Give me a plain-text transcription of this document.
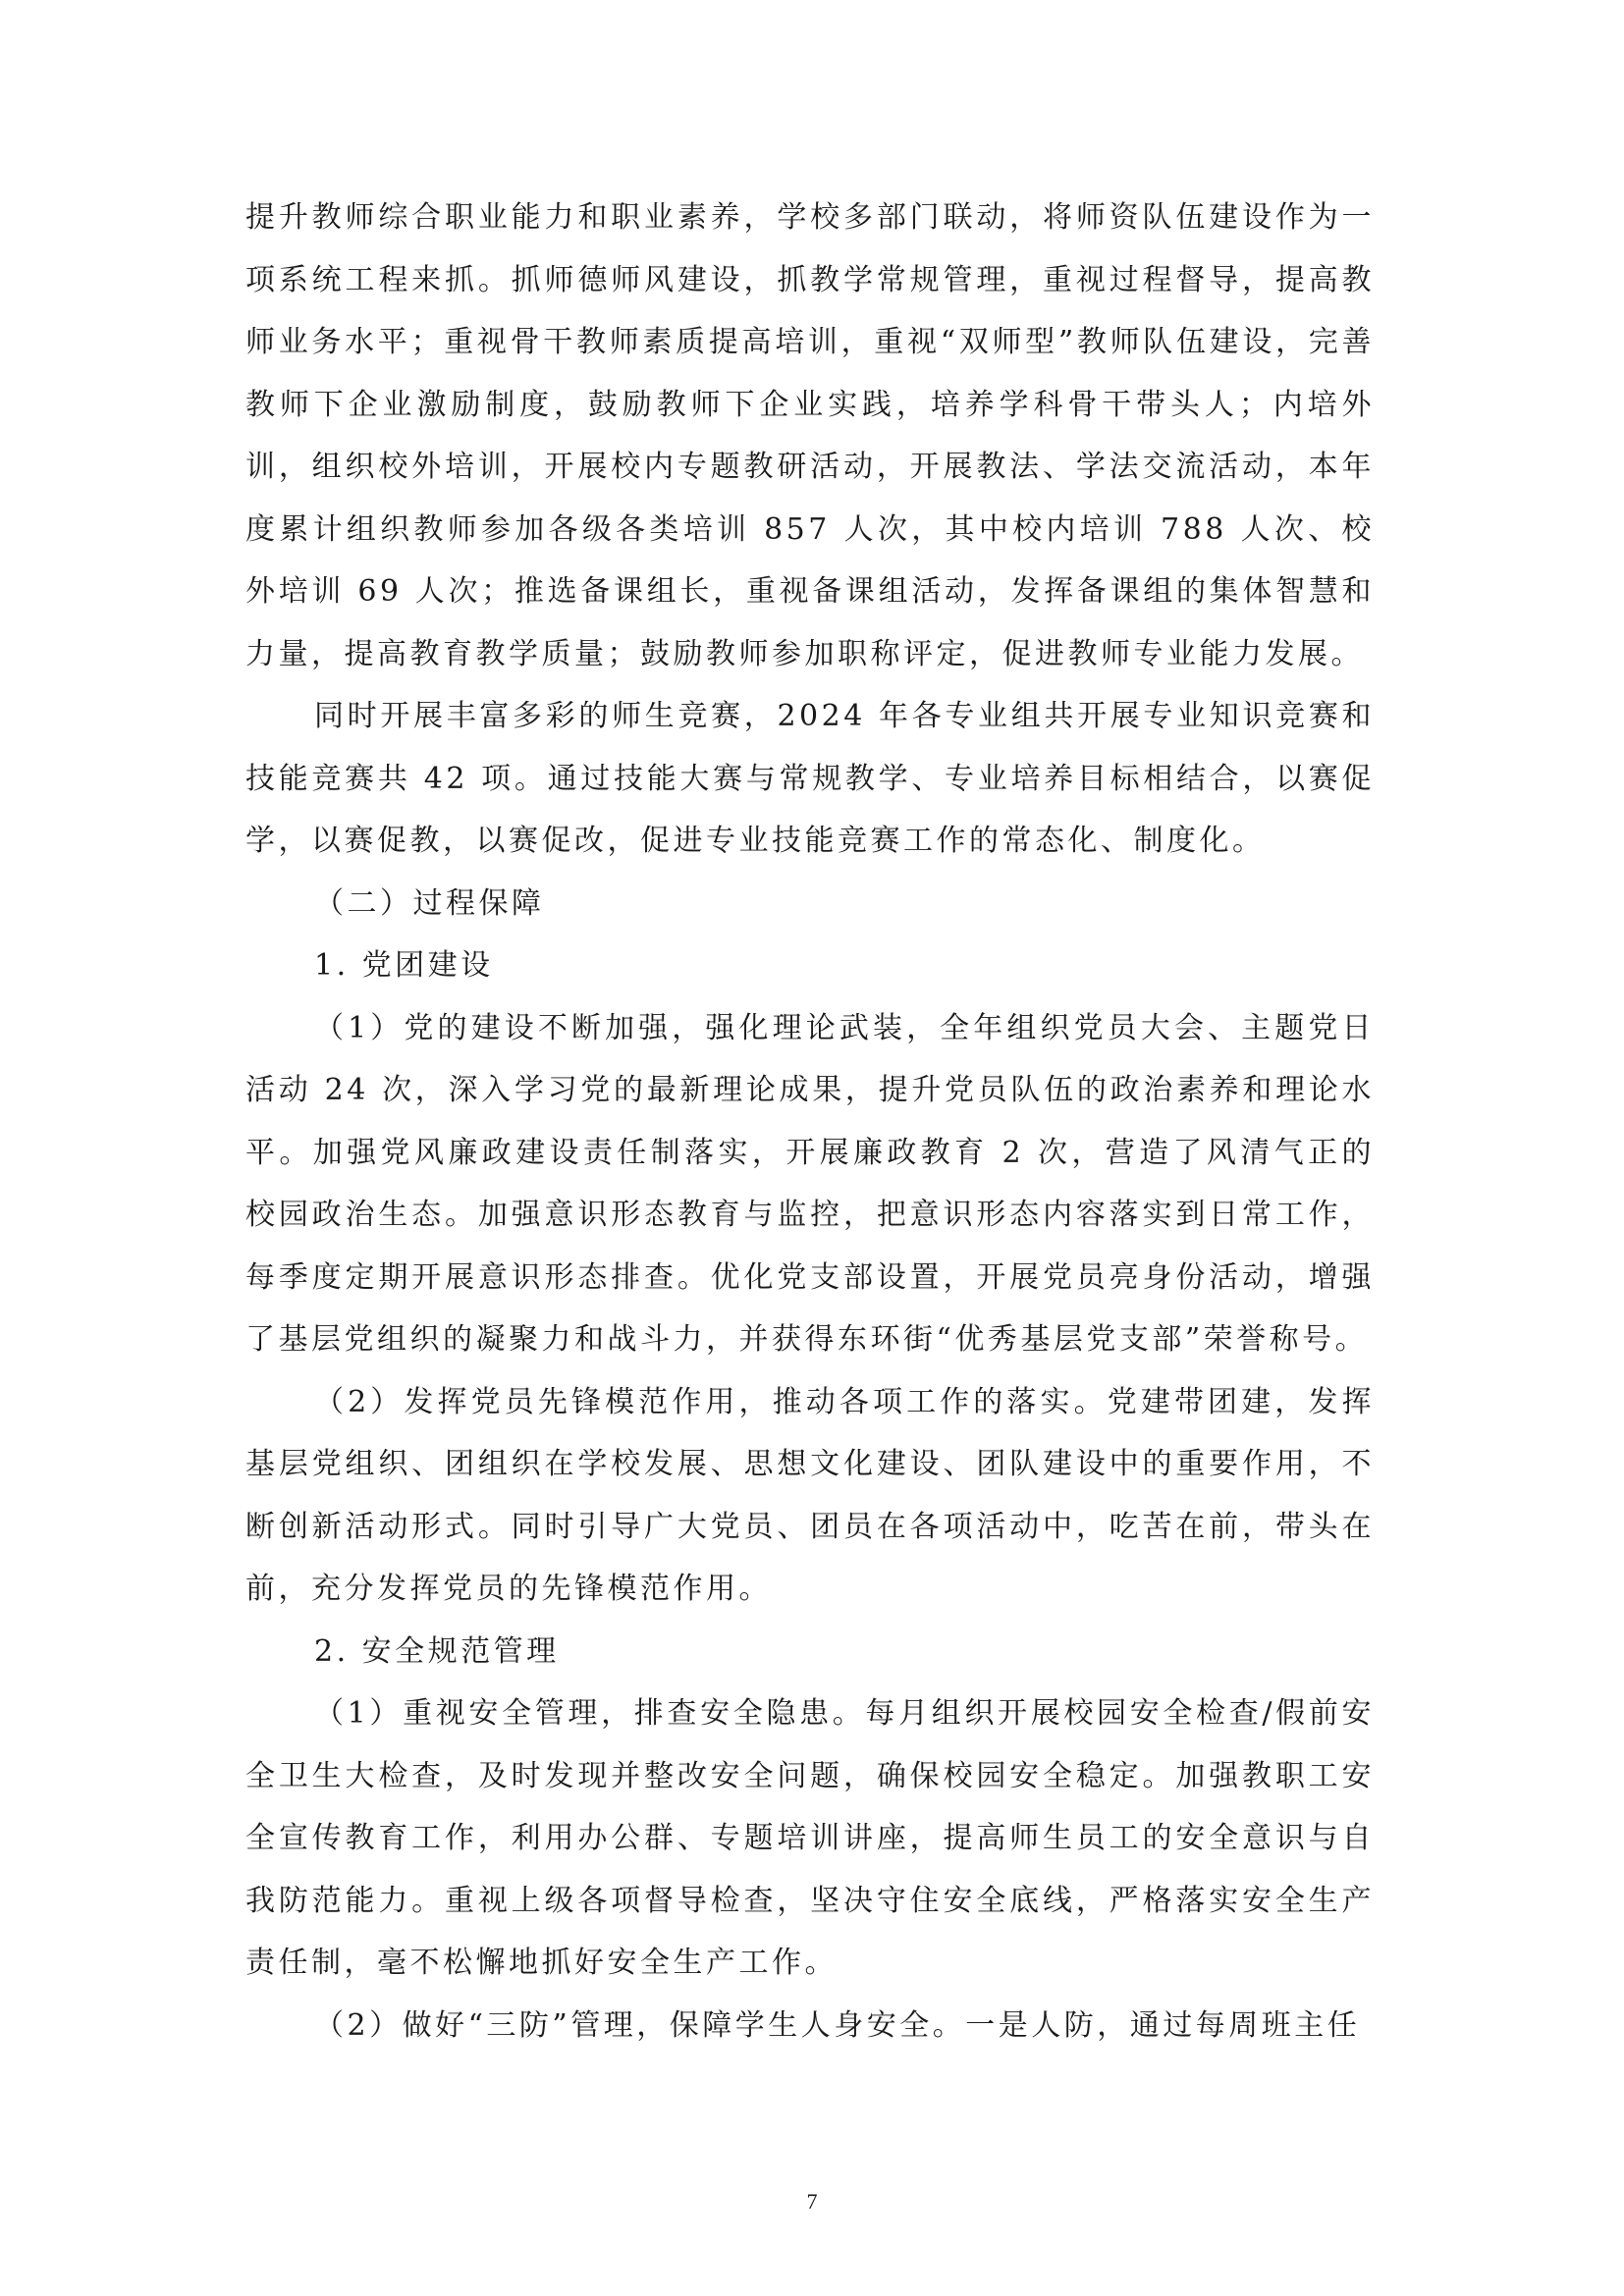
提升教师综合职业能力和职业素养，学校多部门联动，将师资队伍建设作为一项系统工程来抓。抓师德师风建设，抓教学常规管理，重视过程督导，提高教师业务水平；重视骨干教师素质提高培训，重视“双师型”教师队伍建设，完善教师下企业激励制度，鼓励教师下企业实践，培养学科骨干带头人；内培外训，组织校外培训，开展校内专题教研活动，开展教法、学法交流活动，本年度累计组织教师参加各级各类培训 857 人次，其中校内培训 788 人次、校外培训 69 人次；推选备课组长，重视备课组活动，发挥备课组的集体智慧和力量，提高教育教学质量；鼓励教师参加职称评定，促进教师专业能力发展。

同时开展丰富多彩的师生竞赛，2024 年各专业组共开展专业知识竞赛和技能竞赛共 42 项。通过技能大赛与常规教学、专业培养目标相结合，以赛促学，以赛促教，以赛促改，促进专业技能竞赛工作的常态化、制度化。

（二）过程保障

1. 党团建设

（1）党的建设不断加强，强化理论武装，全年组织党员大会、主题党日活动 24 次，深入学习党的最新理论成果，提升党员队伍的政治素养和理论水平。加强党风廉政建设责任制落实，开展廉政教育 2 次，营造了风清气正的校园政治生态。加强意识形态教育与监控，把意识形态内容落实到日常工作，每季度定期开展意识形态排查。优化党支部设置，开展党员亮身份活动，增强了基层党组织的凝聚力和战斗力，并获得东环街“优秀基层党支部”荣誉称号。

（2）发挥党员先锋模范作用，推动各项工作的落实。党建带团建，发挥基层党组织、团组织在学校发展、思想文化建设、团队建设中的重要作用，不断创新活动形式。同时引导广大党员、团员在各项活动中，吃苦在前，带头在前，充分发挥党员的先锋模范作用。

2. 安全规范管理

（1）重视安全管理，排查安全隐患。每月组织开展校园安全检查/假前安全卫生大检查，及时发现并整改安全问题，确保校园安全稳定。加强教职工安全宣传教育工作，利用办公群、专题培训讲座，提高师生员工的安全意识与自我防范能力。重视上级各项督导检查，坚决守住安全底线，严格落实安全生产责任制，毫不松懈地抓好安全生产工作。

（2）做好“三防”管理，保障学生人身安全。一是人防，通过每周班主任

7
